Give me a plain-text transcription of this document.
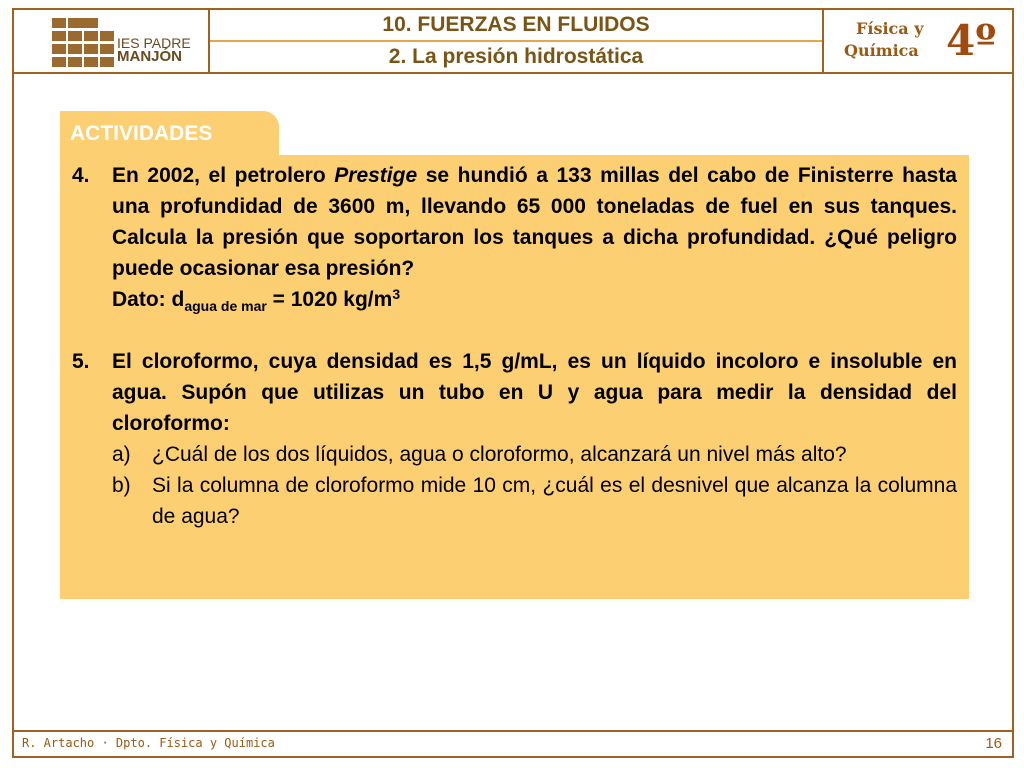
IES PADRE
MANJÓN
10. FUERZAS EN FLUIDOS
2. La presión hidrostática
Física y
Química 4º
ACTIVIDADES
4. En 2002, el petrolero Prestige se hundió a 133 millas del cabo de Finisterre hasta una profundidad de 3600 m, llevando 65 000 toneladas de fuel en sus tanques. Calcula la presión que soportaron los tanques a dicha profundidad. ¿Qué peligro puede ocasionar esa presión?
Dato: $d_{agua de mar} = 1020$ $kg/m^3$
5. El cloroformo, cuya densidad es 1,5 g/mL, es un líquido incoloro e insoluble en agua. Supón que utilizas un tubo en U y agua para medir la densidad del cloroformo:
a) ¿Cuál de los dos líquidos, agua o cloroformo, alcanzará un nivel más alto?
b) Si la columna de cloroformo mide 10 cm, ¿cuál es el desnivel que alcanza la columna de agua?
R. Artacho · Dpto. Física y Química	16
